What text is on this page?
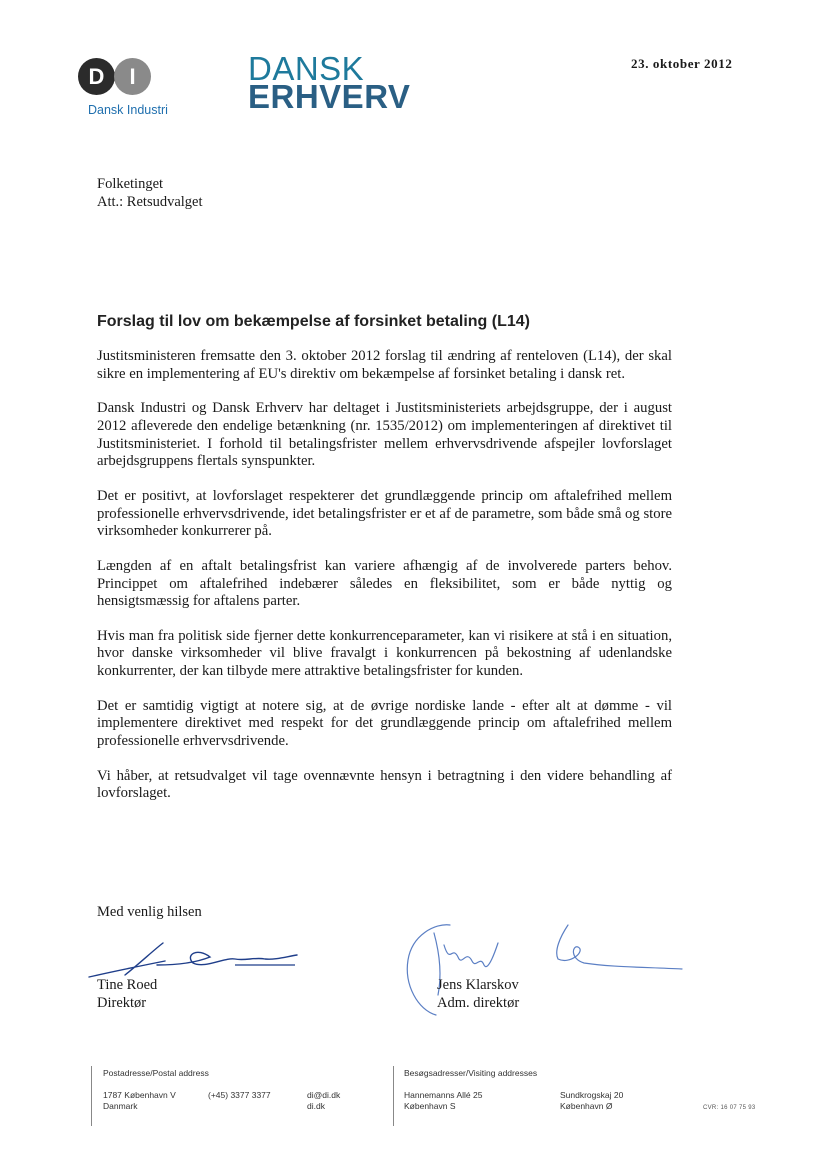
D	I
Dansk Industri
DANSK
ERHVERV
23. oktober 2012
Folketinget
Att.: Retsudvalget
Forslag til lov om bekæmpelse af forsinket betaling (L14)

Justitsministeren fremsatte den 3. oktober 2012 forslag til ændring af renteloven (L14), der skal sikre en implementering af EU's direktiv om bekæmpelse af forsinket betaling i dansk ret.

Dansk Industri og Dansk Erhverv har deltaget i Justitsministeriets arbejdsgruppe, der i august 2012 afleverede den endelige betænkning (nr. 1535/2012) om implementeringen af direktivet til Justitsministeriet. I forhold til betalingsfrister mellem erhvervsdrivende afspejler lovforslaget arbejdsgruppens flertals synspunkter.

Det er positivt, at lovforslaget respekterer det grundlæggende princip om aftalefrihed mellem professionelle erhvervsdrivende, idet betalingsfrister er et af de parametre, som både små og store virksomheder konkurrerer på.

Længden af en aftalt betalingsfrist kan variere afhængig af de involverede parters behov. Princippet om aftalefrihed indebærer således en fleksibilitet, som er både nyttig og hensigtsmæssig for aftalens parter.

Hvis man fra politisk side fjerner dette konkurrenceparameter, kan vi risikere at stå i en situation, hvor danske virksomheder vil blive fravalgt i konkurrencen på bekostning af udenlandske konkurrenter, der kan tilbyde mere attraktive betalingsfrister for kunden.

Det er samtidig vigtigt at notere sig, at de øvrige nordiske lande - efter alt at dømme - vil implementere direktivet med respekt for det grundlæggende princip om aftalefrihed mellem professionelle erhvervsdrivende.

Vi håber, at retsudvalget vil tage ovennævnte hensyn i betragtning i den videre behandling af lovforslaget.

Med venlig hilsen
Tine Roed
Direktør
Jens Klarskov
Adm. direktør
Postadresse/Postal address
1787 København V
Danmark
(+45) 3377 3377	di@di.dk
di.dk
Besøgsadresser/Visiting addresses
Hannemanns Allé 25
København S
Sundkrogskaj 20
København Ø	CVR: 16 07 75 93
